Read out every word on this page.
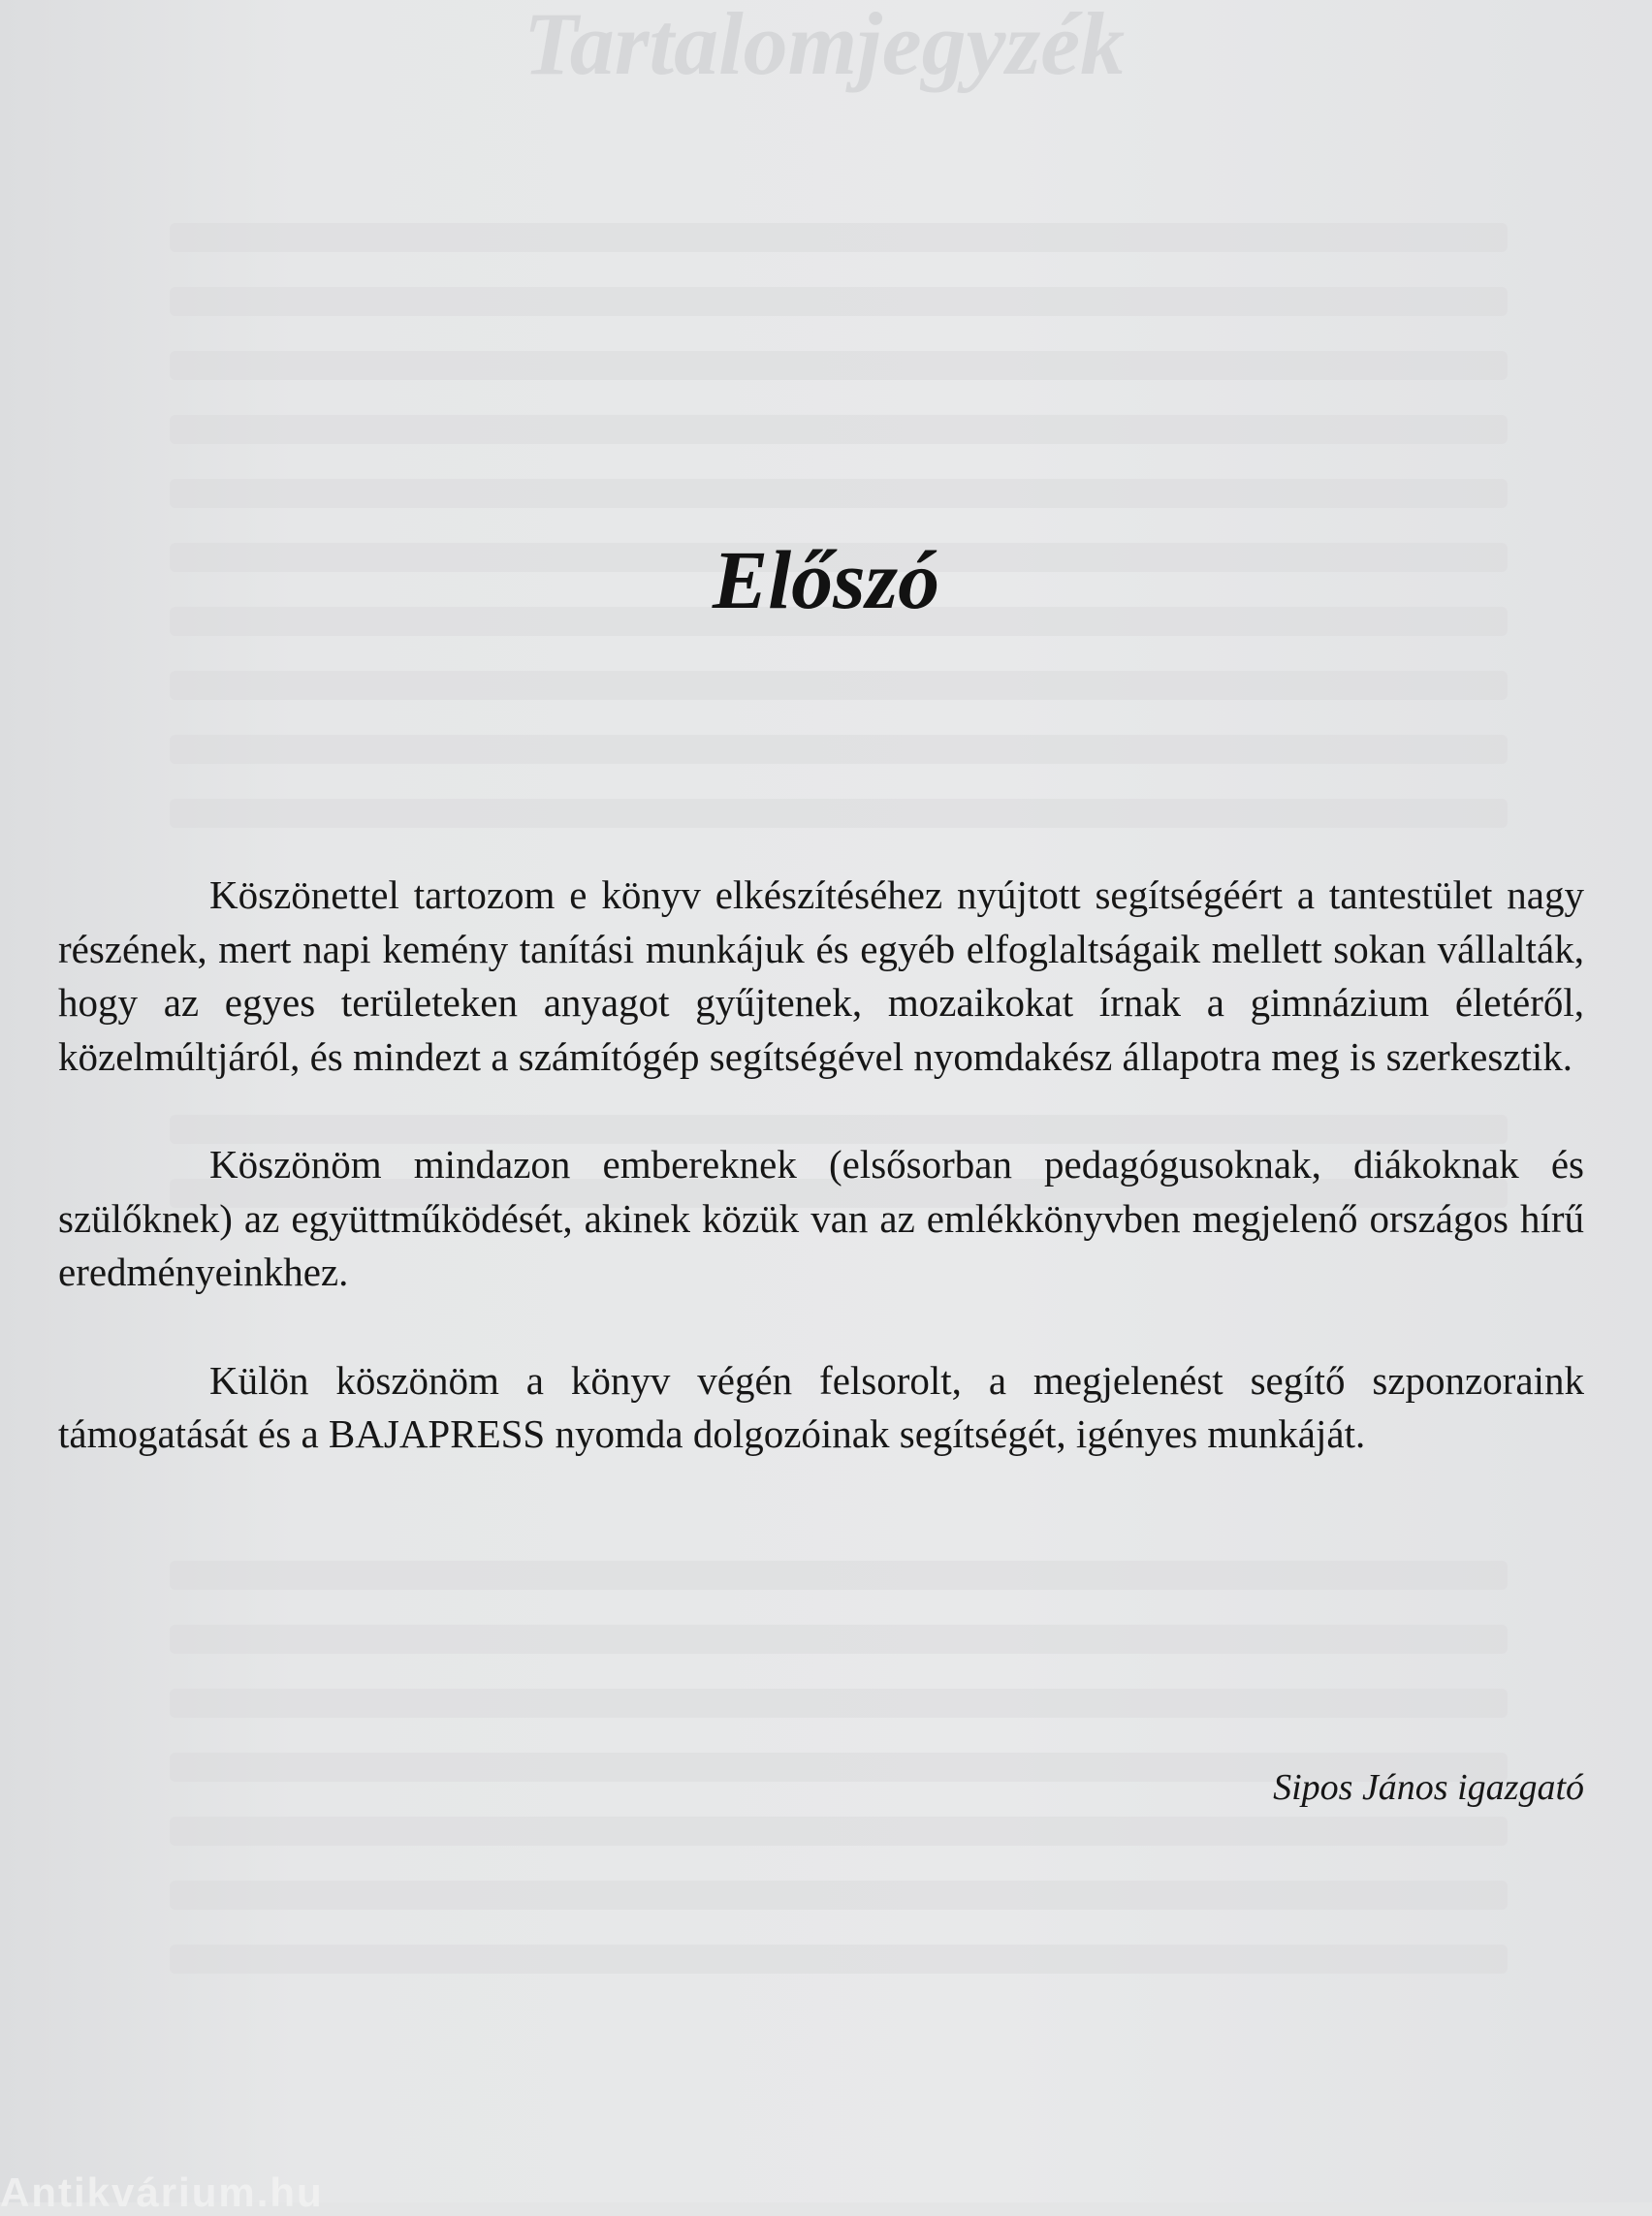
Tartalomjegyzék
Előszó

Köszönettel tartozom e könyv elkészítéséhez nyújtott segítségéért a tantestület nagy részének, mert napi kemény tanítási munkájuk és egyéb elfoglaltságaik mellett sokan vállalták, hogy az egyes területeken anyagot gyűjtenek, mozaikokat írnak a gimnázium életéről, közelmúltjáról, és mindezt a számítógép segítségével nyomdakész állapotra meg is szerkesztik.

Köszönöm mindazon embereknek (elsősorban pedagógusoknak, diákoknak és szülőknek) az együttműködését, akinek közük van az emlékkönyvben megjelenő országos hírű eredményeinkhez.

Külön köszönöm a könyv végén felsorolt, a megjelenést segítő szponzoraink támogatását és a BAJAPRESS nyomda dolgozóinak segítségét, igényes munkáját.

Sipos János igazgató
Antikvárium.hu
